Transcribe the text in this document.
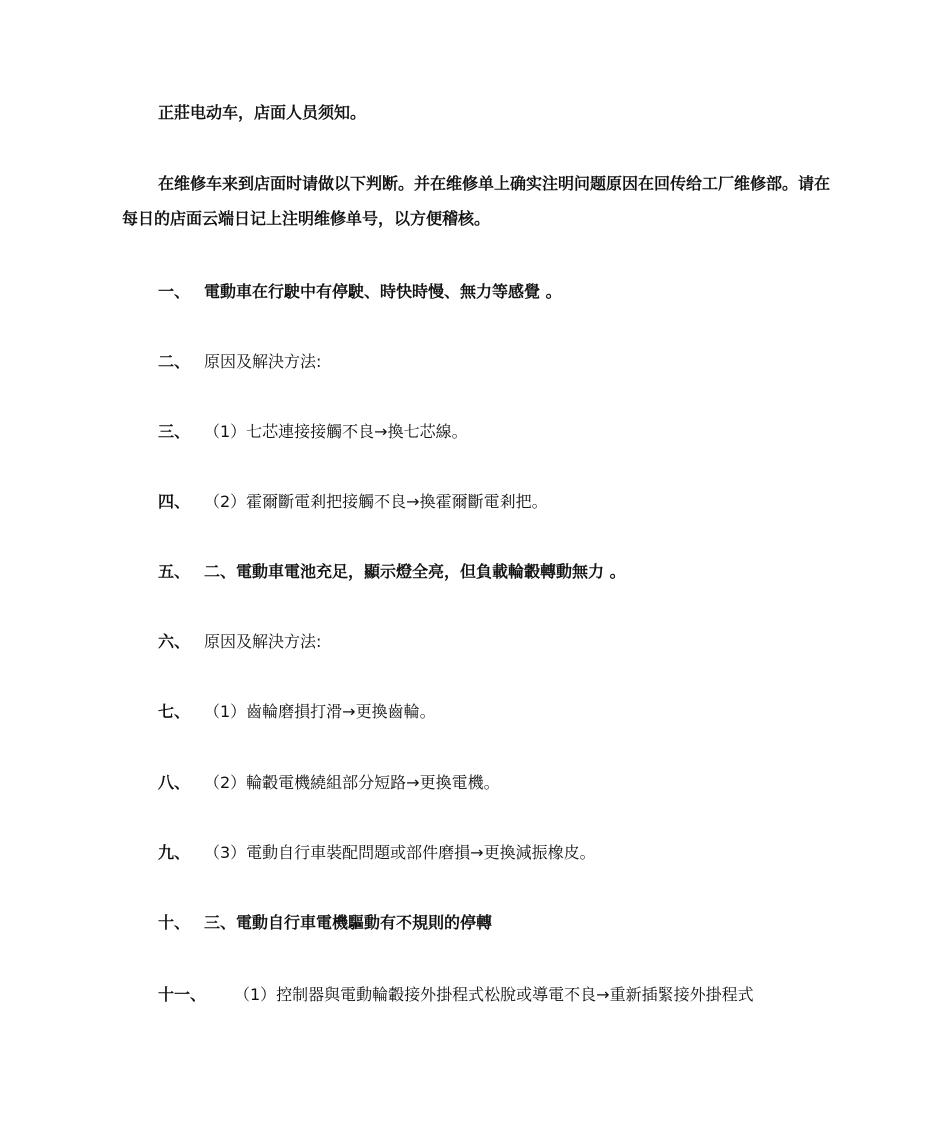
正莊电动车，店面人员须知。
在维修车来到店面时请做以下判断。并在维修单上确实注明问题原因在回传给工厂维修部。请在每日的店面云端日记上注明维修单号，以方便稽核。
一、 電動車在行駛中有停駛、時快時慢、無力等感覺 。
二、 原因及解決方法:
三、 （1）七芯連接接觸不良→換七芯線。
四、 （2）霍爾斷電剎把接觸不良→換霍爾斷電剎把。
五、 二、電動車電池充足，顯示燈全亮，但負載輪轂轉動無力 。
六、 原因及解決方法:
七、 （1）齒輪磨損打滑→更換齒輪。
八、 （2）輪轂電機繞組部分短路→更換電機。
九、 （3）電動自行車裝配問題或部件磨損→更換減振橡皮。
十、 三、電動自行車電機驅動有不規則的停轉
十一、 （1）控制器與電動輪轂接外掛程式松脫或導電不良→重新插緊接外掛程式
